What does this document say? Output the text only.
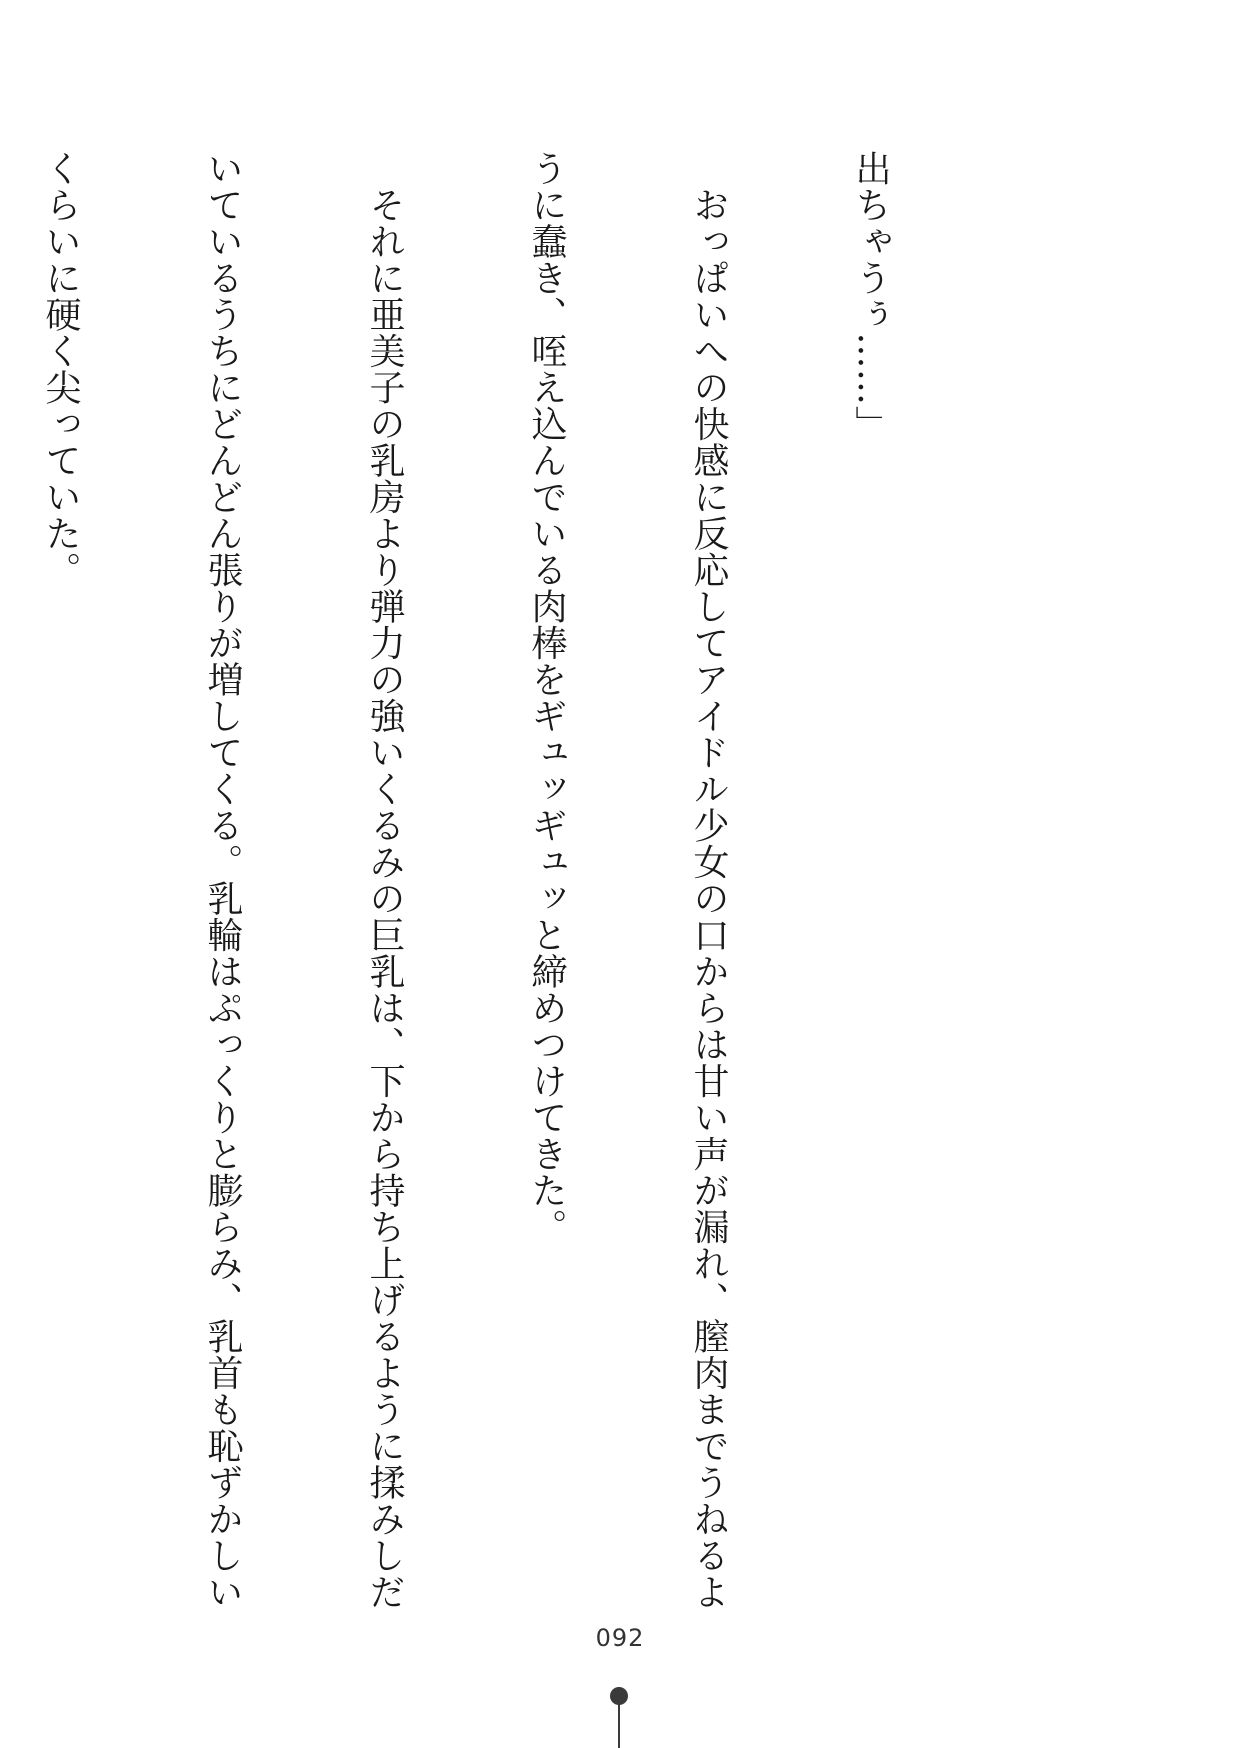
出ちゃうぅ……」

　おっぱいへの快感に反応してアイドル少女の口からは甘い声が漏れ、膣肉までうねるよ

うに蠢き、咥え込んでいる肉棒をギュッギュッと締めつけてきた。

　それに亜美子の乳房より弾力の強いくるみの巨乳は、下から持ち上げるように揉みしだ

いているうちにどんどん張りが増してくる。乳輪はぷっくりと膨らみ、乳首も恥ずかしい

くらいに硬く尖っていた。

092
